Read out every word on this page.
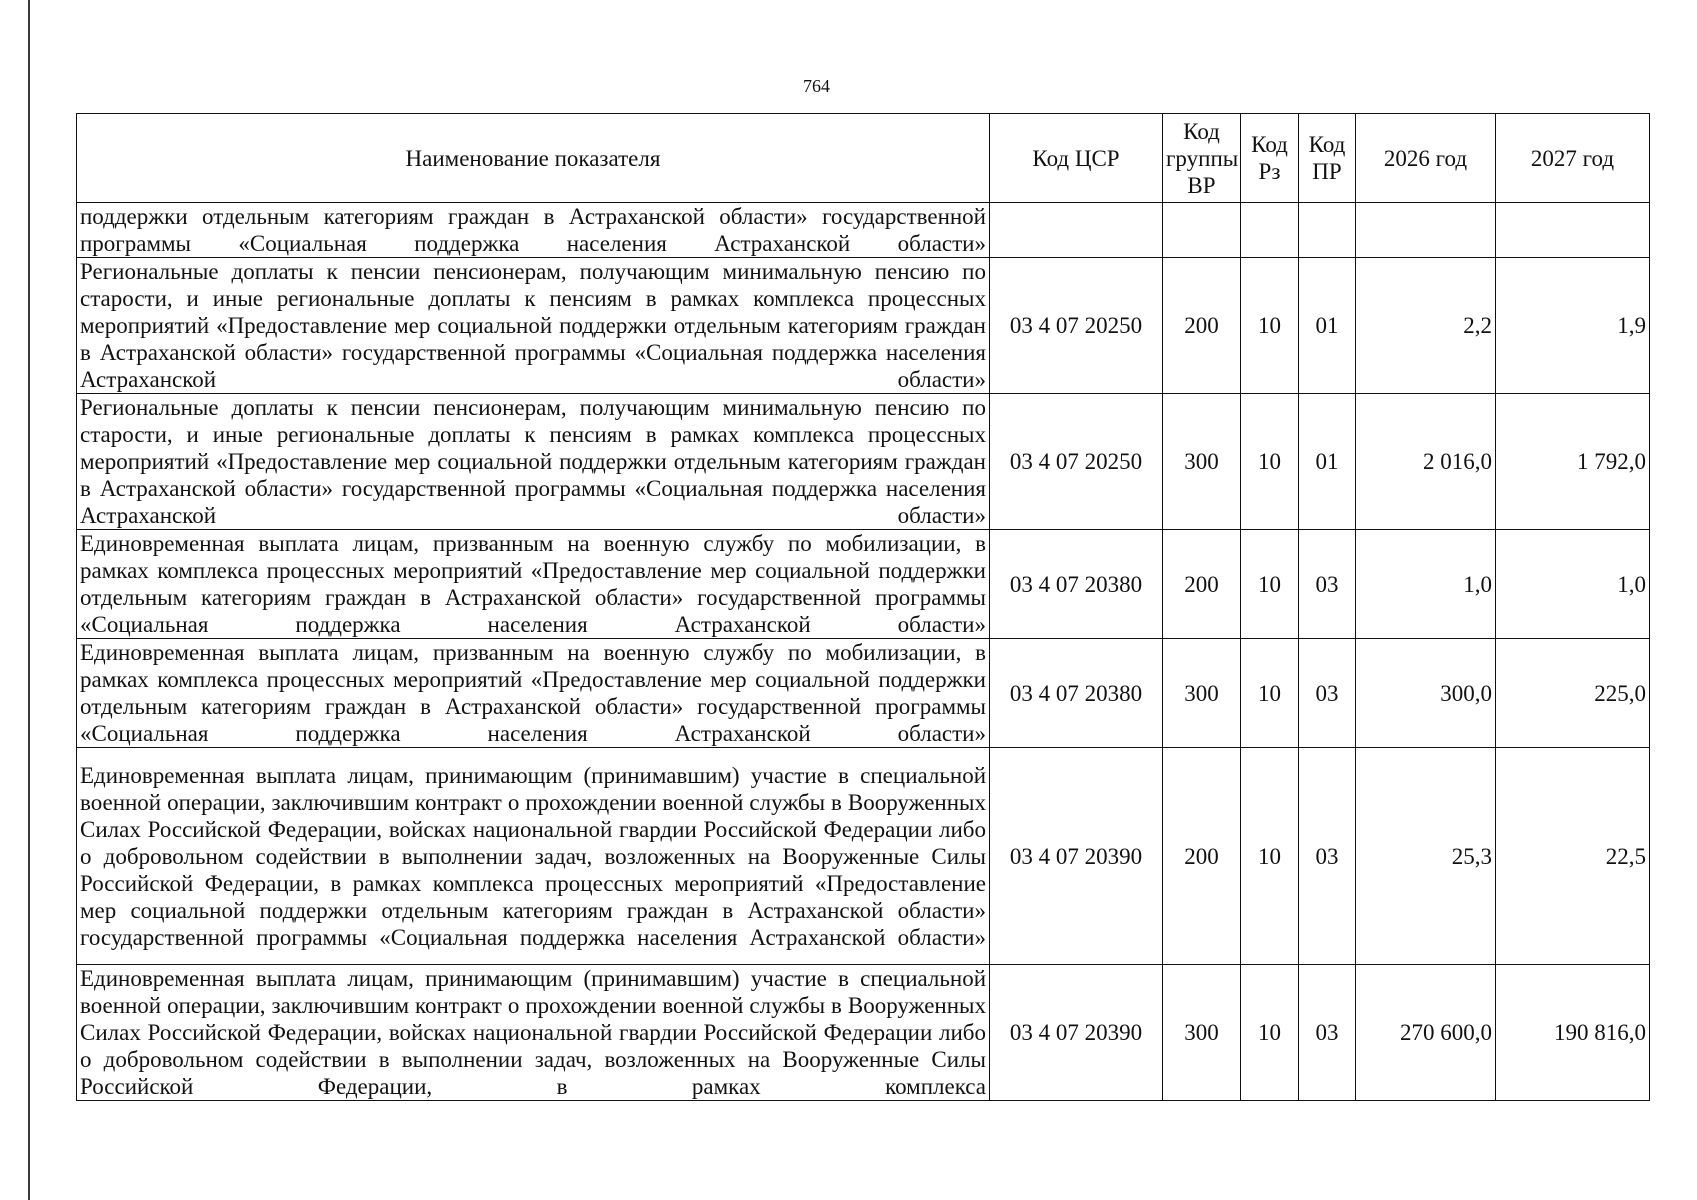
764
Наименование показателя	Код ЦСР	Код группы ВР	Код Рз	Код ПР	2026 год	2027 год
поддержки отдельным категориям граждан в Астраханской области» государственной программы «Социальная поддержка населения Астраханской области»						
Региональные доплаты к пенсии пенсионерам, получающим минимальную пенсию по старости, и иные региональные доплаты к пенсиям в рамках комплекса процессных мероприятий «Предоставление мер социальной поддержки отдельным категориям граждан в Астраханской области» государственной программы «Социальная поддержка населения Астраханской области»	03 4 07 20250	200	10	01	2,2	1,9
Региональные доплаты к пенсии пенсионерам, получающим минимальную пенсию по старости, и иные региональные доплаты к пенсиям в рамках комплекса процессных мероприятий «Предоставление мер социальной поддержки отдельным категориям граждан в Астраханской области» государственной программы «Социальная поддержка населения Астраханской области»	03 4 07 20250	300	10	01	2 016,0	1 792,0
Единовременная выплата лицам, призванным на военную службу по мобилизации, в рамках комплекса процессных мероприятий «Предоставление мер социальной поддержки отдельным категориям граждан в Астраханской области» государственной программы «Социальная поддержка населения Астраханской области»	03 4 07 20380	200	10	03	1,0	1,0
Единовременная выплата лицам, призванным на военную службу по мобилизации, в рамках комплекса процессных мероприятий «Предоставление мер социальной поддержки отдельным категориям граждан в Астраханской области» государственной программы «Социальная поддержка населения Астраханской области»	03 4 07 20380	300	10	03	300,0	225,0
Единовременная выплата лицам, принимающим (принимавшим) участие в специальной военной операции, заключившим контракт о прохождении военной службы в Вооруженных Силах Российской Федерации, войсках национальной гвардии Российской Федерации либо о добровольном содействии в выполнении задач, возложенных на Вооруженные Силы Российской Федерации, в рамках комплекса процессных мероприятий «Предоставление мер социальной поддержки отдельным категориям граждан в Астраханской области» государственной программы «Социальная поддержка населения Астраханской области»	03 4 07 20390	200	10	03	25,3	22,5
Единовременная выплата лицам, принимающим (принимавшим) участие в специальной военной операции, заключившим контракт о прохождении военной службы в Вооруженных Силах Российской Федерации, войсках национальной гвардии Российской Федерации либо о добровольном содействии в выполнении задач, возложенных на Вооруженные Силы Российской Федерации, в рамках комплекса	03 4 07 20390	300	10	03	270 600,0	190 816,0
